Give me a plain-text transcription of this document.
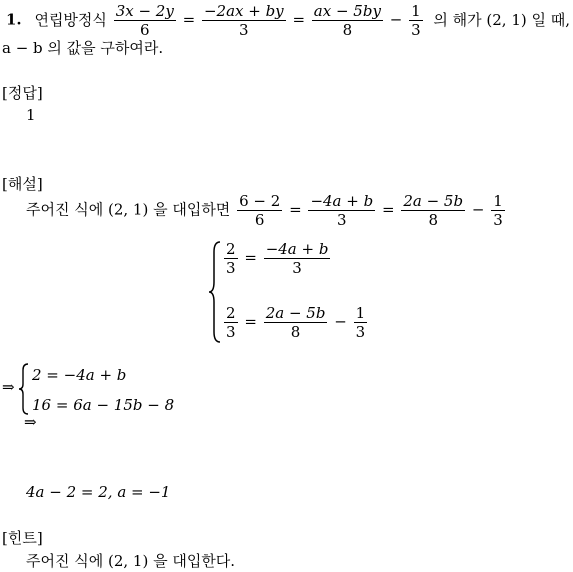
1. 연립방정식 $\frac{3x - 2y}{6} = \frac{-2ax + by}{3} = \frac{ax - 5by}{8} - \frac{1}{3}$ 의 해가 (2, 1) 일 때,
a − b 의 값을 구하여라.
[정답]
1
[해설]
주어진 식에 (2, 1) 을 대입하면 $\frac{6 - 2}{6} = \frac{-4a + b}{3} = \frac{2a - 5b}{8} - \frac{1}{3}$
$\frac{2}{3} = \frac{-4a + b}{3}$
$\frac{2}{3} = \frac{2a - 5b}{8} - \frac{1}{3}$
⇒
2 = −4a + b
16 = 6a − 15b − 8
⇒
4a − 2 = 2, a = −1
[힌트]
주어진 식에 (2, 1) 을 대입한다.
